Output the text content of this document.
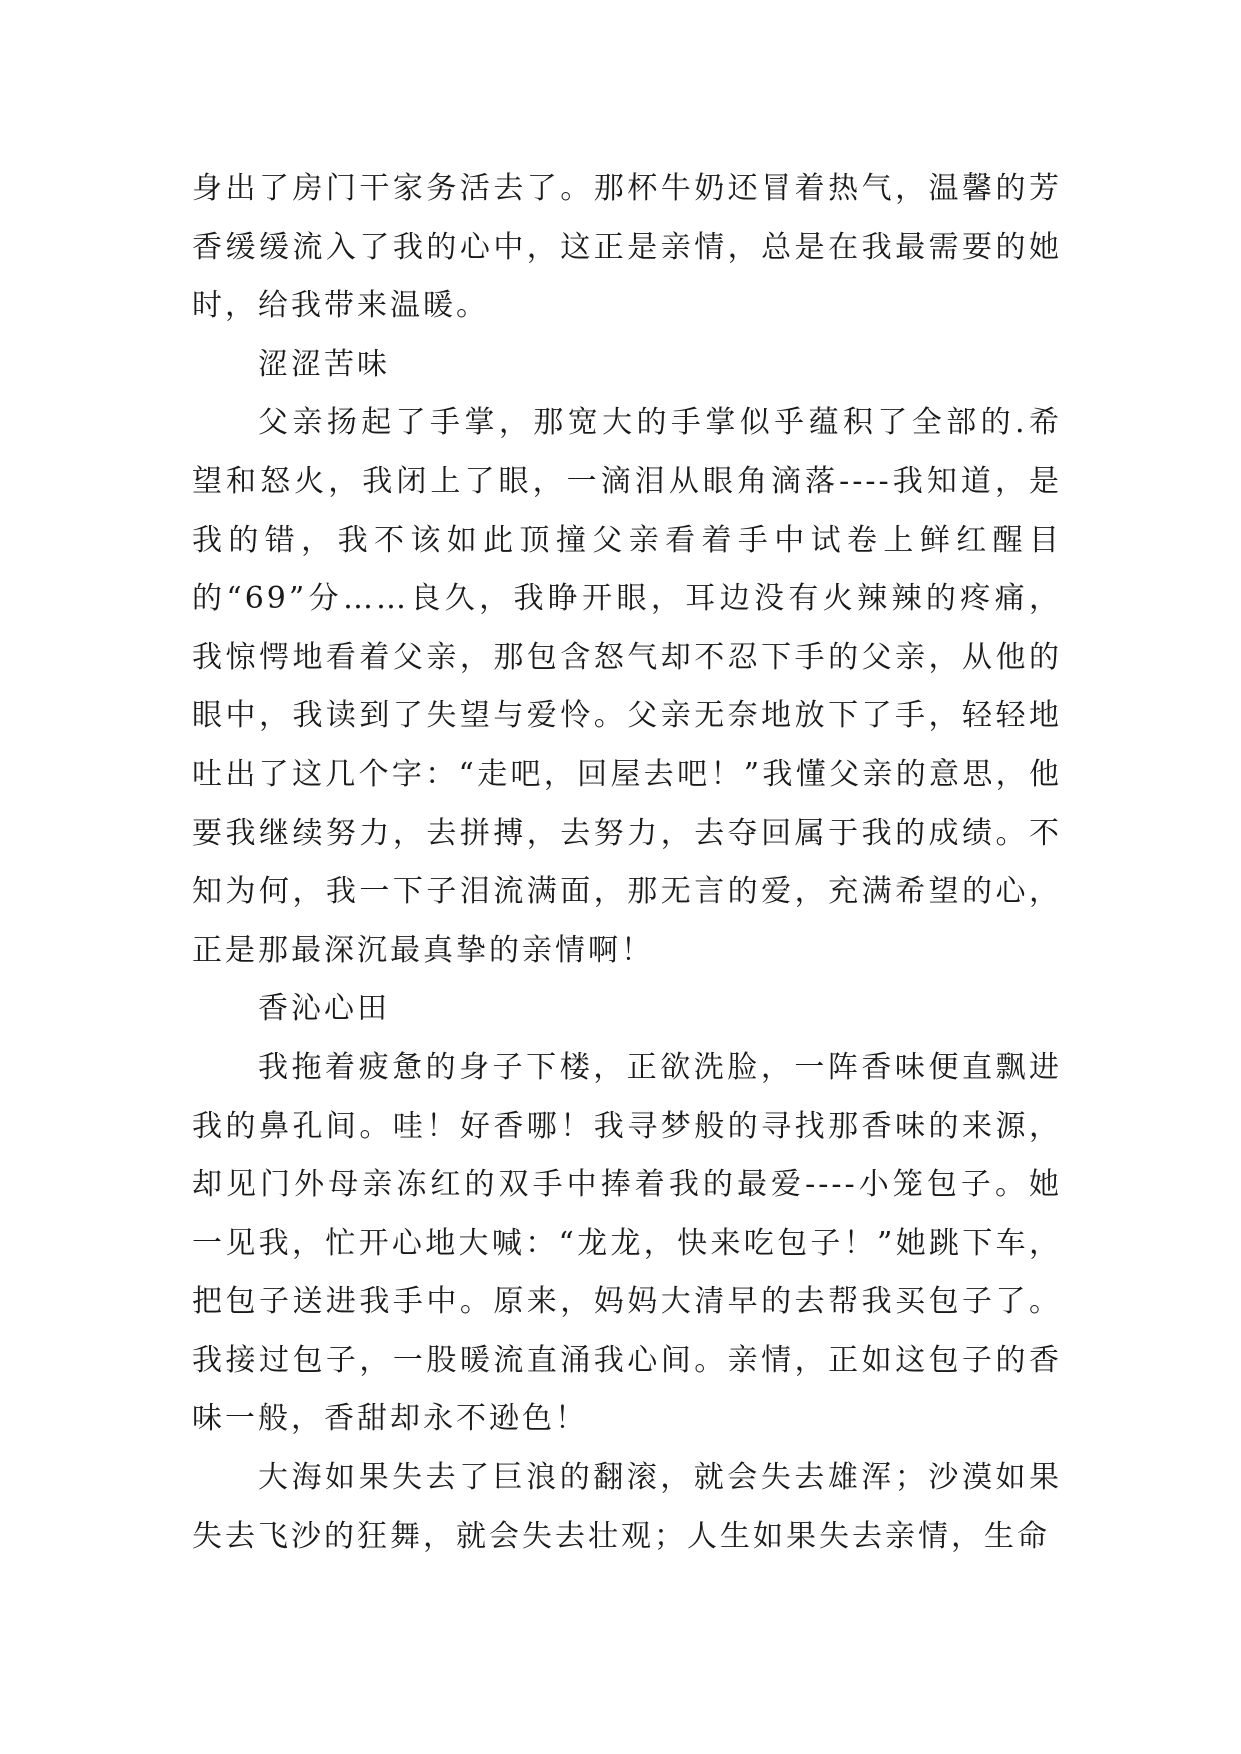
身出了房门干家务活去了。那杯牛奶还冒着热气，温馨的芳香缓缓流入了我的心中，这正是亲情，总是在我最需要的她时，给我带来温暖。

涩涩苦味

父亲扬起了手掌，那宽大的手掌似乎蕴积了全部的.希望和怒火，我闭上了眼，一滴泪从眼角滴落----我知道，是我的错，我不该如此顶撞父亲看着手中试卷上鲜红醒目的“69”分……良久，我睁开眼，耳边没有火辣辣的疼痛，我惊愕地看着父亲，那包含怒气却不忍下手的父亲，从他的眼中，我读到了失望与爱怜。父亲无奈地放下了手，轻轻地吐出了这几个字：“走吧，回屋去吧！”我懂父亲的意思，他要我继续努力，去拼搏，去努力，去夺回属于我的成绩。不知为何，我一下子泪流满面，那无言的爱，充满希望的心，正是那最深沉最真挚的亲情啊！

香沁心田

我拖着疲惫的身子下楼，正欲洗脸，一阵香味便直飘进我的鼻孔间。哇！好香哪！我寻梦般的寻找那香味的来源，却见门外母亲冻红的双手中捧着我的最爱----小笼包子。她一见我，忙开心地大喊：“龙龙，快来吃包子！”她跳下车，把包子送进我手中。原来，妈妈大清早的去帮我买包子了。我接过包子，一股暖流直涌我心间。亲情，正如这包子的香味一般，香甜却永不逊色！

大海如果失去了巨浪的翻滚，就会失去雄浑；沙漠如果失去飞沙的狂舞，就会失去壮观；人生如果失去亲情，生命
